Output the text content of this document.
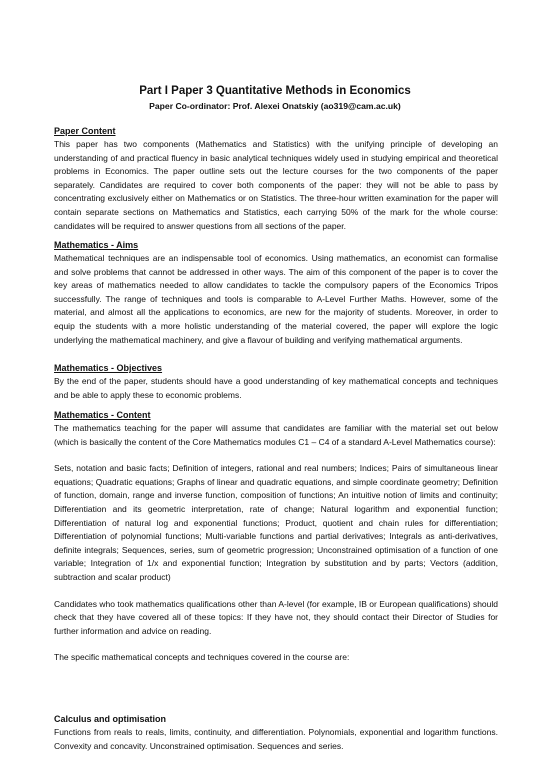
Part I Paper 3 Quantitative Methods in Economics
Paper Co-ordinator: Prof. Alexei Onatskiy (ao319@cam.ac.uk)
Paper Content
This paper has two components (Mathematics and Statistics) with the unifying principle of developing an understanding of and practical fluency in basic analytical techniques widely used in studying empirical and theoretical problems in Economics. The paper outline sets out the lecture courses for the two components of the paper separately. Candidates are required to cover both components of the paper: they will not be able to pass by concentrating exclusively either on Mathematics or on Statistics. The three-hour written examination for the paper will contain separate sections on Mathematics and Statistics, each carrying 50% of the mark for the whole course: candidates will be required to answer questions from all sections of the paper.
Mathematics - Aims
Mathematical techniques are an indispensable tool of economics. Using mathematics, an economist can formalise and solve problems that cannot be addressed in other ways. The aim of this component of the paper is to cover the key areas of mathematics needed to allow candidates to tackle the compulsory papers of the Economics Tripos successfully. The range of techniques and tools is comparable to A-Level Further Maths. However, some of the material, and almost all the applications to economics, are new for the majority of students. Moreover, in order to equip the students with a more holistic understanding of the material covered, the paper will explore the logic underlying the mathematical machinery, and give a flavour of building and verifying mathematical arguments.
Mathematics - Objectives
By the end of the paper, students should have a good understanding of key mathematical concepts and techniques and be able to apply these to economic problems.
Mathematics - Content
The mathematics teaching for the paper will assume that candidates are familiar with the material set out below (which is basically the content of the Core Mathematics modules C1 – C4 of a standard A-Level Mathematics course):
Sets, notation and basic facts; Definition of integers, rational and real numbers; Indices; Pairs of simultaneous linear equations; Quadratic equations; Graphs of linear and quadratic equations, and simple coordinate geometry; Definition of function, domain, range and inverse function, composition of functions; An intuitive notion of limits and continuity; Differentiation and its geometric interpretation, rate of change; Natural logarithm and exponential function; Differentiation of natural log and exponential functions; Product, quotient and chain rules for differentiation; Differentiation of polynomial functions; Multi-variable functions and partial derivatives; Integrals as anti-derivatives, definite integrals; Sequences, series, sum of geometric progression; Unconstrained optimisation of a function of one variable; Integration of 1/x and exponential function; Integration by substitution and by parts; Vectors (addition, subtraction and scalar product)
Candidates who took mathematics qualifications other than A-level (for example, IB or European qualifications) should check that they have covered all of these topics: If they have not, they should contact their Director of Studies for further information and advice on reading.
The specific mathematical concepts and techniques covered in the course are:
Calculus and optimisation
Functions from reals to reals, limits, continuity, and differentiation. Polynomials, exponential and logarithm functions. Convexity and concavity. Unconstrained optimisation. Sequences and series.
